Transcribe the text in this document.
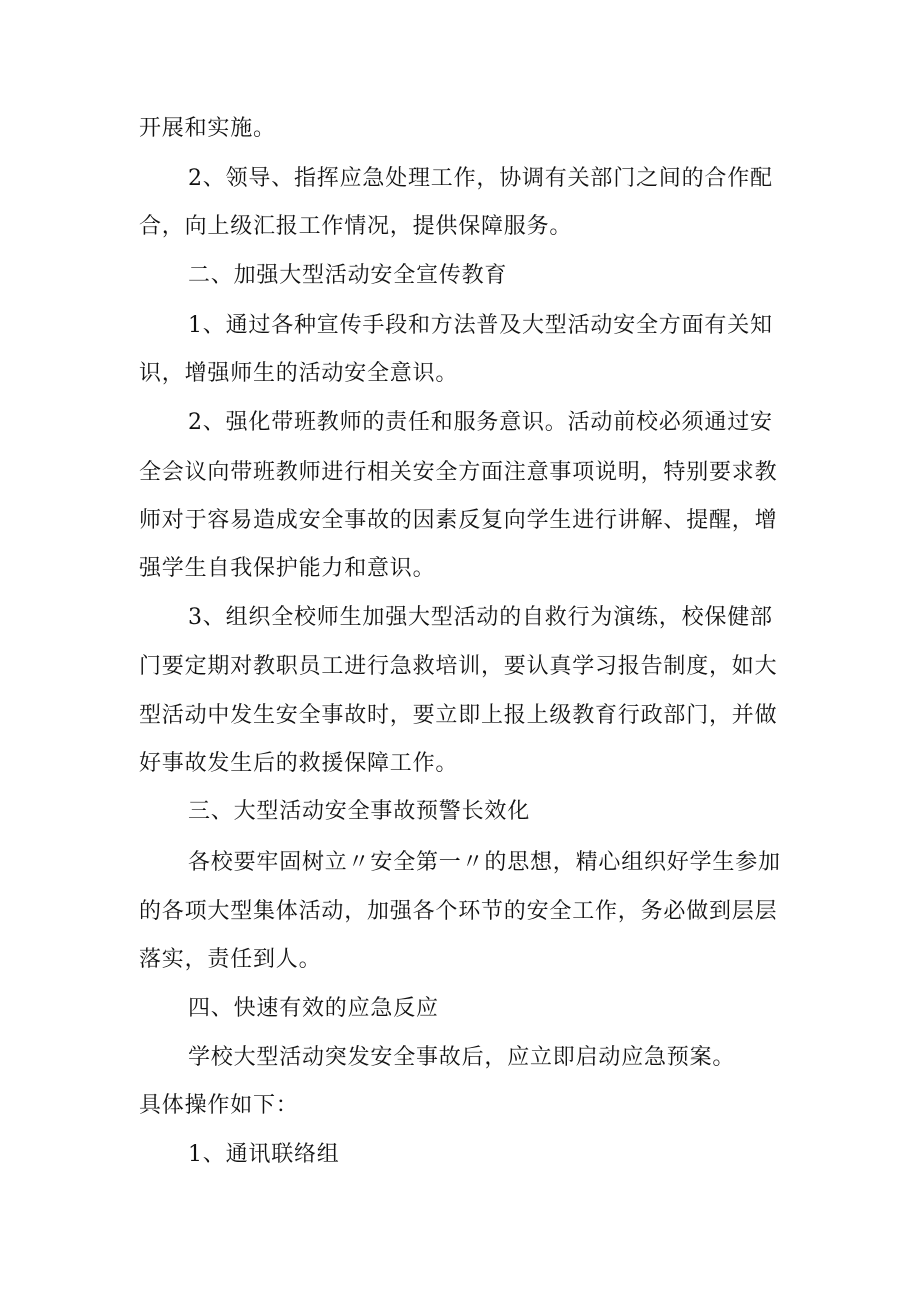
开展和实施。
2、领导、指挥应急处理工作，协调有关部门之间的合作配
合，向上级汇报工作情况，提供保障服务。
二、加强大型活动安全宣传教育
1、通过各种宣传手段和方法普及大型活动安全方面有关知
识，增强师生的活动安全意识。
2、强化带班教师的责任和服务意识。活动前校必须通过安
全会议向带班教师进行相关安全方面注意事项说明，特别要求教
师对于容易造成安全事故的因素反复向学生进行讲解、提醒，增
强学生自我保护能力和意识。
3、组织全校师生加强大型活动的自救行为演练，校保健部
门要定期对教职员工进行急救培训，要认真学习报告制度，如大
型活动中发生安全事故时，要立即上报上级教育行政部门，并做
好事故发生后的救援保障工作。
三、大型活动安全事故预警长效化
各校要牢固树立〃安全第一〃的思想，精心组织好学生参加
的各项大型集体活动，加强各个环节的安全工作，务必做到层层
落实，责任到人。
四、快速有效的应急反应
学校大型活动突发安全事故后，应立即启动应急预案。
具体操作如下：
1、通讯联络组
